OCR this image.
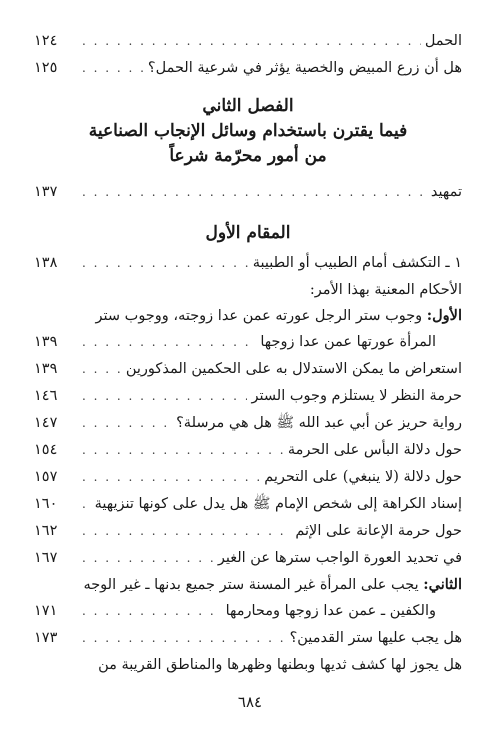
الحمل
. . .
١٢٤
هل أن زرع المبيض والخصية يؤثر في شرعية الحمل؟
. . .
١٢٥
الفصل الثاني
فيما يقترن باستخدام وسائل الإنجاب الصناعية
من أمور محرّمة شرعاً
تمهيد
. . .
١٣٧
المقام الأول
١ ـ التكشف أمام الطبيب أو الطبيبة
. . .
١٣٨
الأحكام المعنية بهذا الأمر:
الأول: وجوب ستر الرجل عورته عمن عدا زوجته، ووجوب ستر
المرأة عورتها عمن عدا زوجها
. . .
١٣٩
استعراض ما يمكن الاستدلال به على الحكمين المذكورين
. . .
١٣٩
حرمة النظر لا يستلزم وجوب الستر
. . .
١٤٦
رواية حريز عن أبي عبد الله ﷺ هل هي مرسلة؟
. . .
١٤٧
حول دلالة البأس على الحرمة
. . .
١٥٤
حول دلالة (لا ينبغي) على التحريم
. . .
١٥٧
إسناد الكراهة إلى شخص الإمام ﷺ هل يدل على كونها تنزيهية
. . .
١٦٠
حول حرمة الإعانة على الإثم
. . .
١٦٢
في تحديد العورة الواجب سترها عن الغير
. . .
١٦٧
الثاني: يجب على المرأة غير المسنة ستر جميع بدنها ـ غير الوجه
والكفين ـ عمن عدا زوجها ومحارمها
. . .
١٧١
هل يجب عليها ستر القدمين؟
. . .
١٧٣
هل يجوز لها كشف ثديها وبطنها وظهرها والمناطق القريبة من
٦٨٤
